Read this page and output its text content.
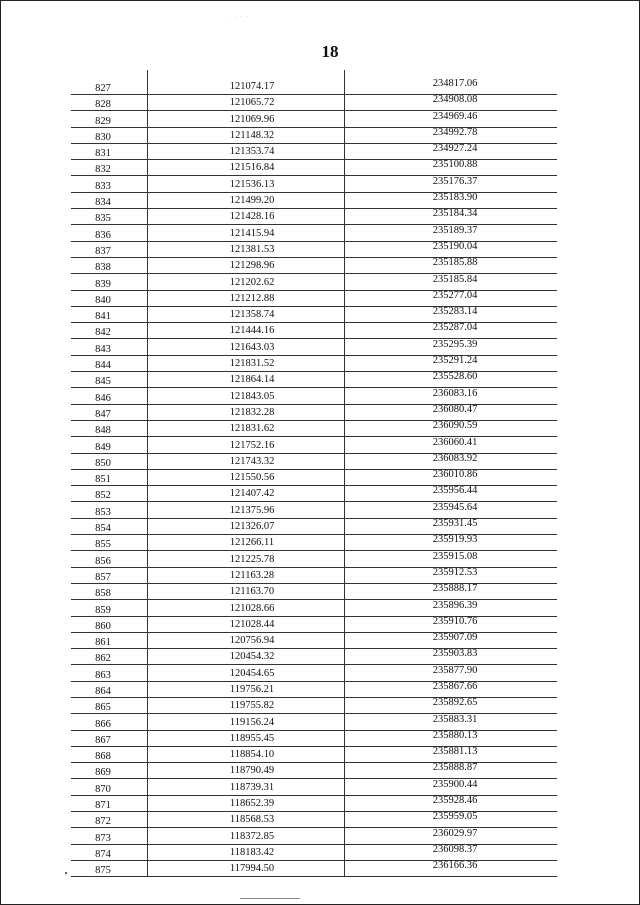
· ·· ·
18
827	121074.17	234817.06
828	121065.72	234908.08
829	121069.96	234969.46
830	121148.32	234992.78
831	121353.74	234927.24
832	121516.84	235100.88
833	121536.13	235176.37
834	121499.20	235183.90
835	121428.16	235184.34
836	121415.94	235189.37
837	121381.53	235190.04
838	121298.96	235185.88
839	121202.62	235185.84
840	121212.88	235277.04
841	121358.74	235283.14
842	121444.16	235287.04
843	121643.03	235295.39
844	121831.52	235291.24
845	121864.14	235528.60
846	121843.05	236083.16
847	121832.28	236080.47
848	121831.62	236090.59
849	121752.16	236060.41
850	121743.32	236083.92
851	121550.56	236010.86
852	121407.42	235956.44
853	121375.96	235945.64
854	121326.07	235931.45
855	121266.11	235919.93
856	121225.78	235915.08
857	121163.28	235912.53
858	121163.70	235888.17
859	121028.66	235896.39
860	121028.44	235910.76
861	120756.94	235907.09
862	120454.32	235903.83
863	120454.65	235877.90
864	119756.21	235867.66
865	119755.82	235892.65
866	119156.24	235883.31
867	118955.45	235880.13
868	118854.10	235881.13
869	118790.49	235888.87
870	118739.31	235900.44
871	118652.39	235928.46
872	118568.53	235959.05
873	118372.85	236029.97
874	118183.42	236098.37
875	117994.50	236166.36
